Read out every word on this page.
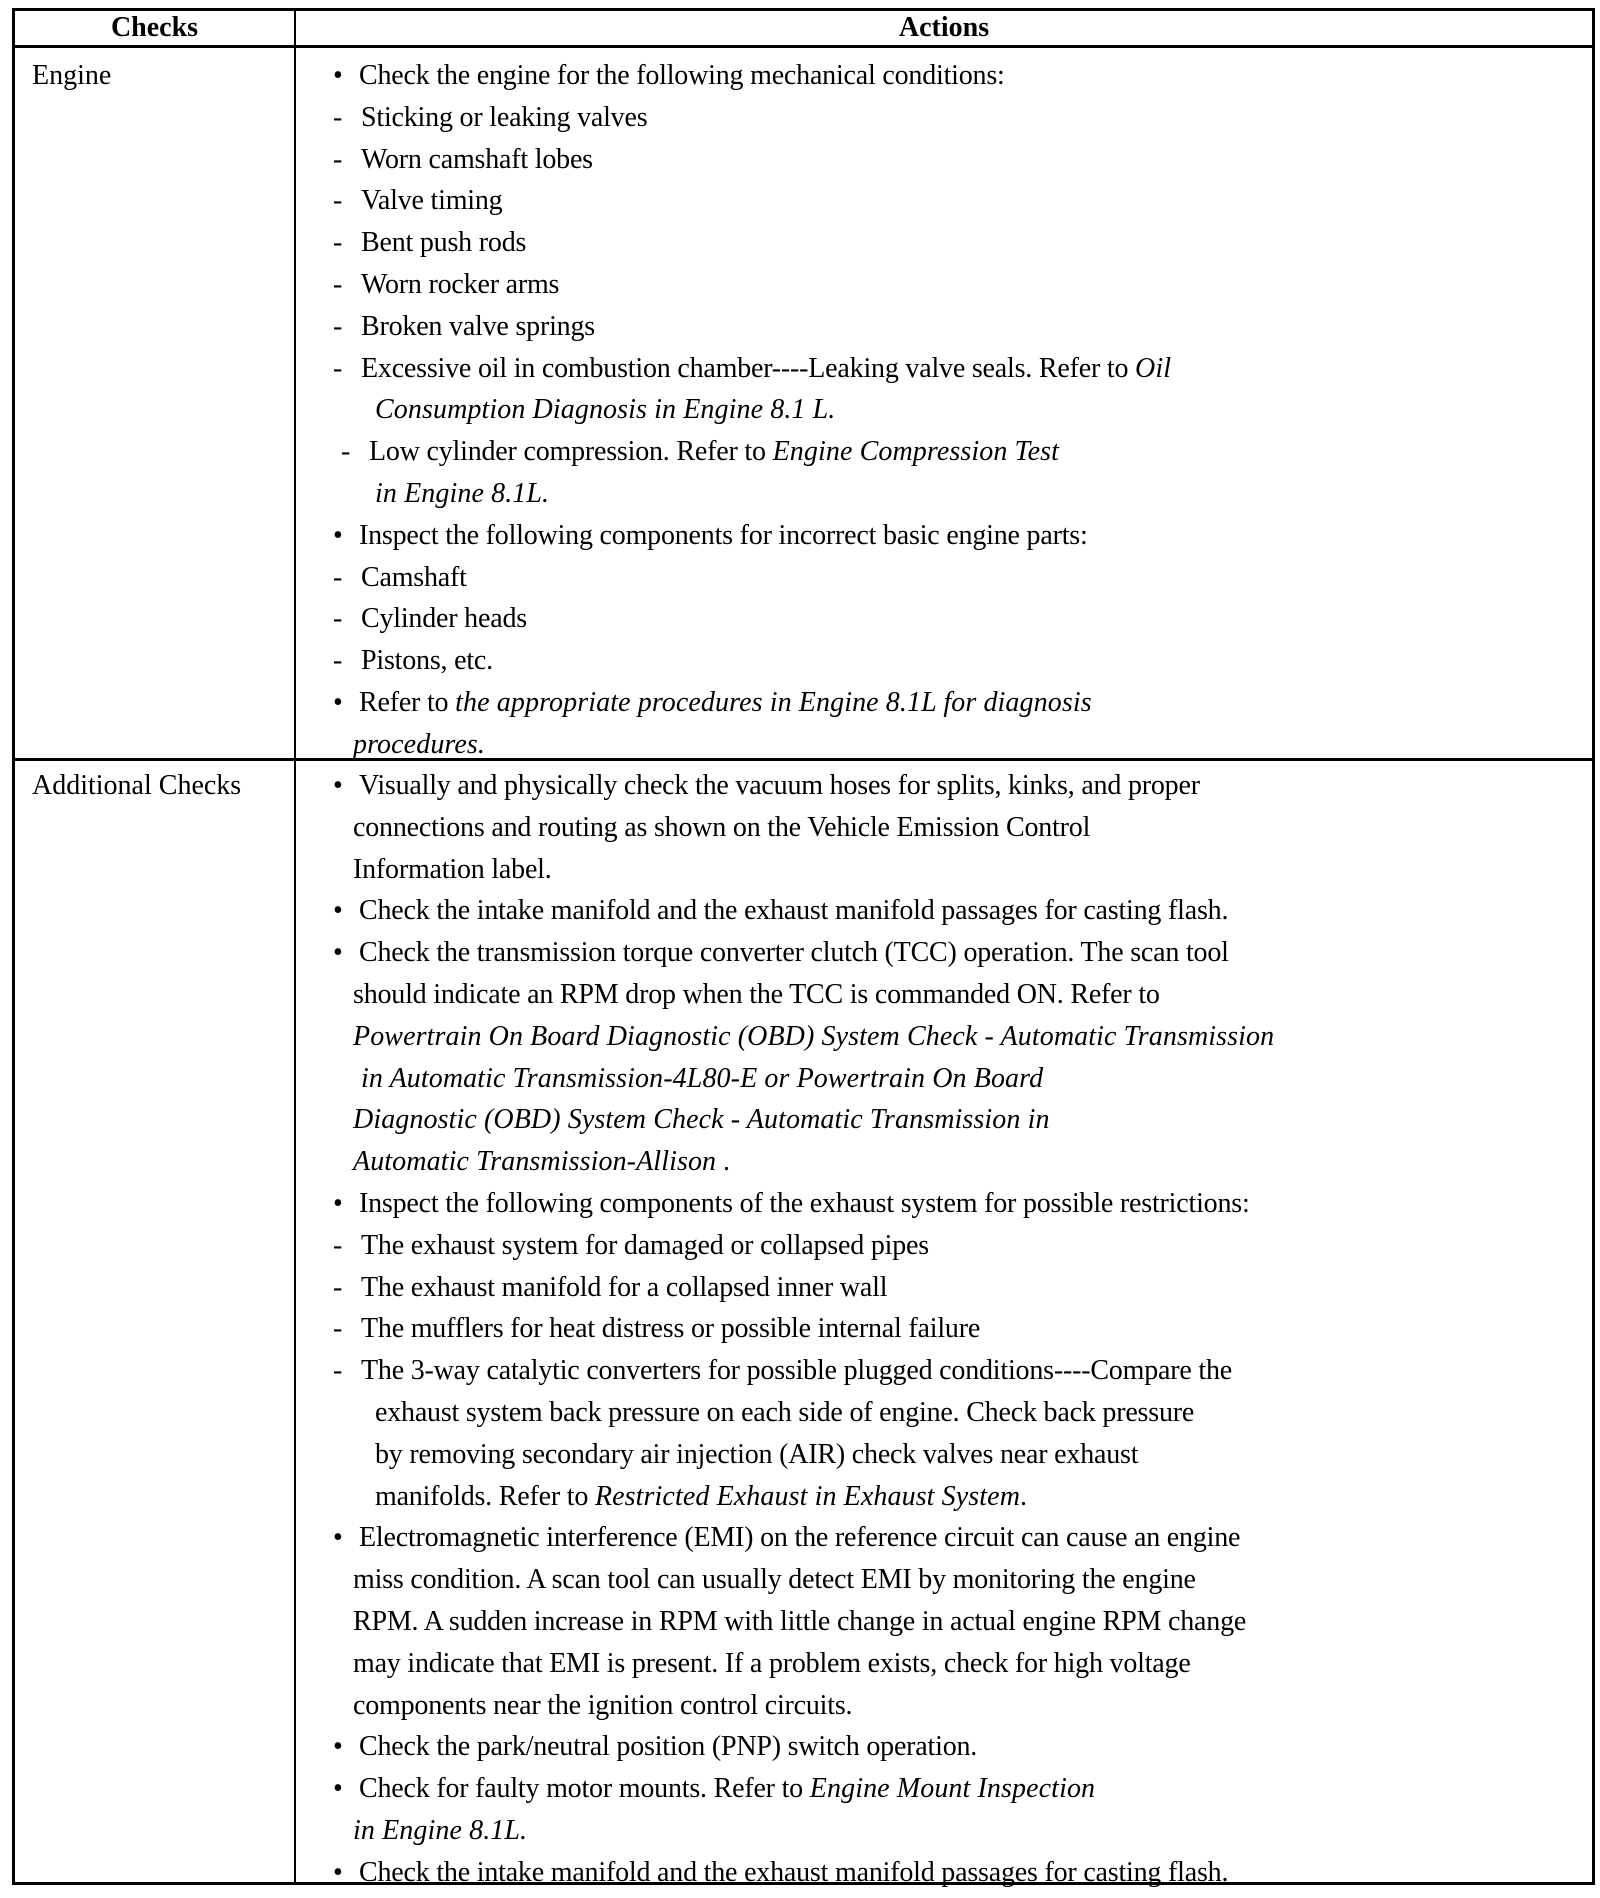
Checks	Actions
Engine	• Check the engine for the following mechanical conditions:
- Sticking or leaking valves
- Worn camshaft lobes
- Valve timing
- Bent push rods
- Worn rocker arms
- Broken valve springs
- Excessive oil in combustion chamber----Leaking valve seals. Refer to Oil
Consumption Diagnosis in Engine 8.1 L.
- Low cylinder compression. Refer to Engine Compression Test
in Engine 8.1L.
• Inspect the following components for incorrect basic engine parts:
- Camshaft
- Cylinder heads
- Pistons, etc.
• Refer to the appropriate procedures in Engine 8.1L for diagnosis
procedures.
Additional Checks	• Visually and physically check the vacuum hoses for splits, kinks, and proper
connections and routing as shown on the Vehicle Emission Control
Information label.
• Check the intake manifold and the exhaust manifold passages for casting flash.
• Check the transmission torque converter clutch (TCC) operation. The scan tool
should indicate an RPM drop when the TCC is commanded ON. Refer to
Powertrain On Board Diagnostic (OBD) System Check - Automatic Transmission
in Automatic Transmission-4L80-E or Powertrain On Board
Diagnostic (OBD) System Check - Automatic Transmission in
Automatic Transmission-Allison .
• Inspect the following components of the exhaust system for possible restrictions:
- The exhaust system for damaged or collapsed pipes
- The exhaust manifold for a collapsed inner wall
- The mufflers for heat distress or possible internal failure
- The 3-way catalytic converters for possible plugged conditions----Compare the
exhaust system back pressure on each side of engine. Check back pressure
by removing secondary air injection (AIR) check valves near exhaust
manifolds. Refer to Restricted Exhaust in Exhaust System.
• Electromagnetic interference (EMI) on the reference circuit can cause an engine
miss condition. A scan tool can usually detect EMI by monitoring the engine
RPM. A sudden increase in RPM with little change in actual engine RPM change
may indicate that EMI is present. If a problem exists, check for high voltage
components near the ignition control circuits.
• Check the park/neutral position (PNP) switch operation.
• Check for faulty motor mounts. Refer to Engine Mount Inspection
in Engine 8.1L.
• Check the intake manifold and the exhaust manifold passages for casting flash.
